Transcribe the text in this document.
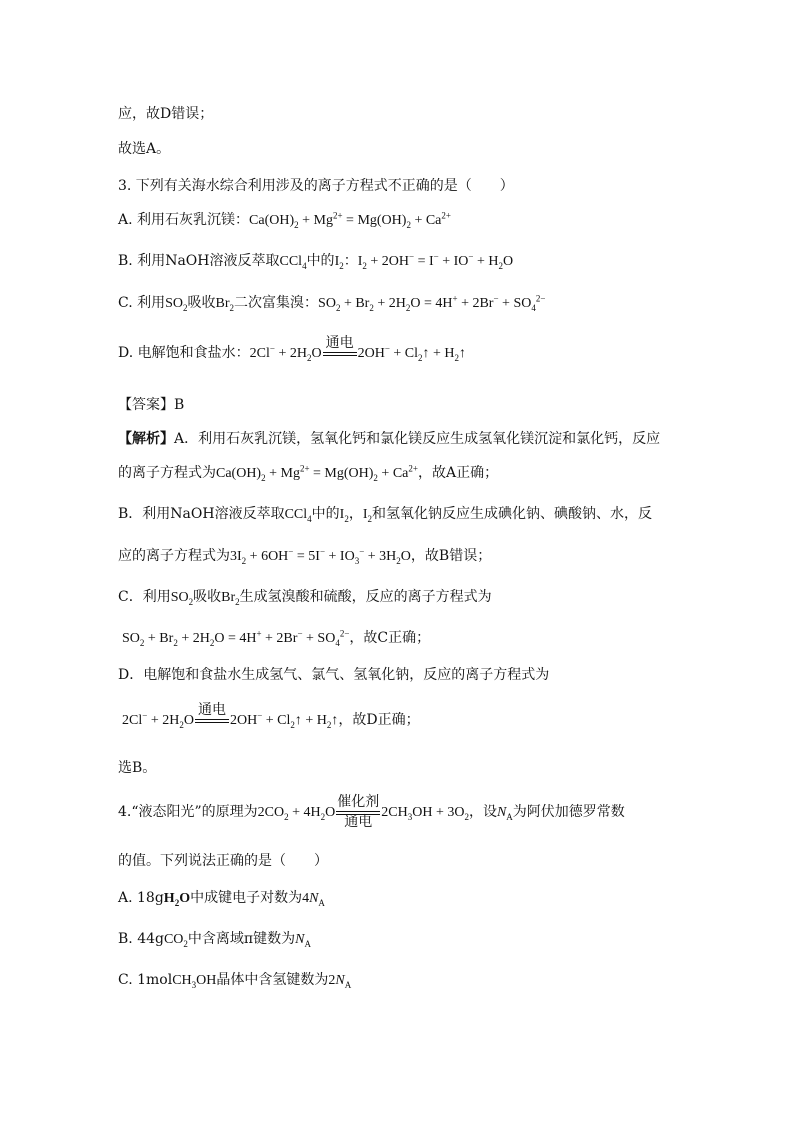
应，故D错误；
故选A。
3. 下列有关海水综合利用涉及的离子方程式不正确的是（　　）
A. 利用石灰乳沉镁：$Ca(OH)_2 + Mg^{2+} = Mg(OH)_2 + Ca^{2+}$
B. 利用NaOH溶液反萃取CCl$_4$中的$I_2$：$I_2 + 2OH^- = I^- + IO^- + H_2O$
C. 利用$SO_2$吸收$Br_2$二次富集溴：$SO_2 + Br_2 + 2H_2O = 4H^+ + 2Br^- + SO_4^{2-}$
D. 电解饱和食盐水：$2Cl^- + 2H_2O$
通电

$2OH^- + Cl_2↑$ + $H_2↑$
【答案】B
【解析】A．利用石灰乳沉镁，氢氧化钙和氯化镁反应生成氢氧化镁沉淀和氯化钙，反应
的离子方程式为$Ca(OH)_2 + Mg^{2+} = Mg(OH)_2 + Ca^{2+}$，故A正确；
B．利用NaOH溶液反萃取CCl$_4$中的$I_2$，$I_2$和氢氧化钠反应生成碘化钠、碘酸钠、水，反
应的离子方程式为$3I_2 + 6OH^- = 5I^- + IO_3^- + 3H_2O$，故B错误；
C．利用$SO_2$吸收$Br_2$生成氢溴酸和硫酸，反应的离子方程式为
$SO_2 + Br_2 + 2H_2O = 4H^+ + 2Br^- + SO_4^{2-}$，故C正确；
D．电解饱和食盐水生成氢气、氯气、氢氧化钠，反应的离子方程式为
$2Cl^- + 2H_2O$
通电

$2OH^- + Cl_2↑$ + $H_2↑$，故D正确；
选B。
4.“液态阳光”的原理为$2CO_2 + 4H_2O$
催化剂
通电
$2CH_3OH + 3O_2$，设$N_A$为阿伏加德罗常数
的值。下列说法正确的是（　　）
A. $18gH_2O$中成键电子对数为$4N_A$
B. 44gCO$_2$中含离域π键数为$N_A$
C. 1molCH$_3$OH晶体中含氢键数为$2N_A$
